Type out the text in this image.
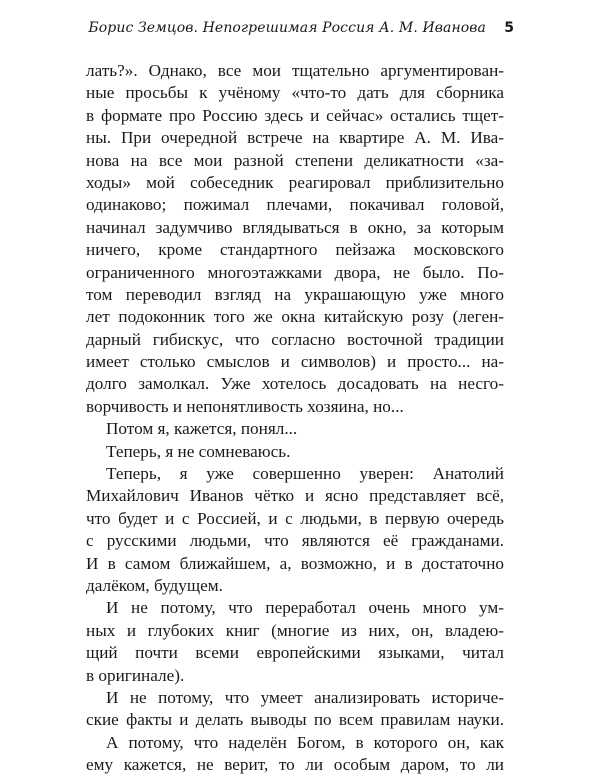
Борис Земцов. Непогрешимая Россия А. М. Иванова 5
лать?». Однако, все мои тщательно аргументирован-
ные просьбы к учёному «что-то дать для сборника
в формате про Россию здесь и сейчас» остались тщет-
ны. При очередной встрече на квартире А. М. Ива-
нова на все мои разной степени деликатности «за-
ходы» мой собеседник реагировал приблизительно
одинаково; пожимал плечами, покачивал головой,
начинал задумчиво вглядываться в окно, за которым
ничего, кроме стандартного пейзажа московского
ограниченного многоэтажками двора, не было. По-
том переводил взгляд на украшающую уже много
лет подоконник того же окна китайскую розу (леген-
дарный гибискус, что согласно восточной традиции
имеет столько смыслов и символов) и просто... на-
долго замолкал. Уже хотелось досадовать на несго-
ворчивость и непонятливость хозяина, но...
Потом я, кажется, понял...
Теперь, я не сомневаюсь.
Теперь, я уже совершенно уверен: Анатолий
Михайлович Иванов чётко и ясно представляет всё,
что будет и с Россией, и с людьми, в первую очередь
с русскими людьми, что являются её гражданами.
И в самом ближайшем, а, возможно, и в достаточно
далёком, будущем.
И не потому, что переработал очень много ум-
ных и глубоких книг (многие из них, он, владею-
щий почти всеми европейскими языками, читал
в оригинале).
И не потому, что умеет анализировать историче-
ские факты и делать выводы по всем правилам науки.
А потому, что наделён Богом, в которого он, как
ему кажется, не верит, то ли особым даром, то ли
